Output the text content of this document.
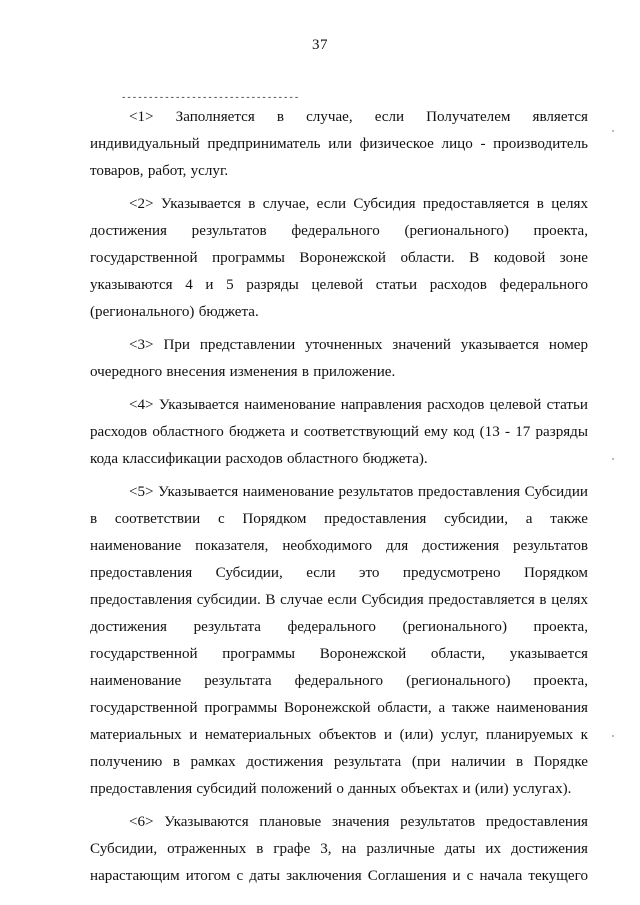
37
---------------------------------

<1> Заполняется в случае, если Получателем является индивидуальный предприниматель или физическое лицо - производитель товаров, работ, услуг.

<2> Указывается в случае, если Субсидия предоставляется в целях достижения результатов федерального (регионального) проекта, государственной программы Воронежской области. В кодовой зоне указываются 4 и 5 разряды целевой статьи расходов федерального (регионального) бюджета.

<3> При представлении уточненных значений указывается номер очередного внесения изменения в приложение.

<4> Указывается наименование направления расходов целевой статьи расходов областного бюджета и соответствующий ему код (13 - 17 разряды кода классификации расходов областного бюджета).

<5> Указывается наименование результатов предоставления Субсидии в соответствии с Порядком предоставления субсидии, а также наименование показателя, необходимого для достижения результатов предоставления Субсидии, если это предусмотрено Порядком предоставления субсидии. В случае если Субсидия предоставляется в целях достижения результата федерального (регионального) проекта, государственной программы Воронежской области, указывается наименование результата федерального (регионального) проекта, государственной программы Воронежской области, а также наименования материальных и нематериальных объектов и (или) услуг, планируемых к получению в рамках достижения результата (при наличии в Порядке предоставления субсидий положений о данных объектах и (или) услугах).

<6> Указываются плановые значения результатов предоставления Субсидии, отраженных в графе 3, на различные даты их достижения нарастающим итогом с даты заключения Соглашения и с начала текущего
